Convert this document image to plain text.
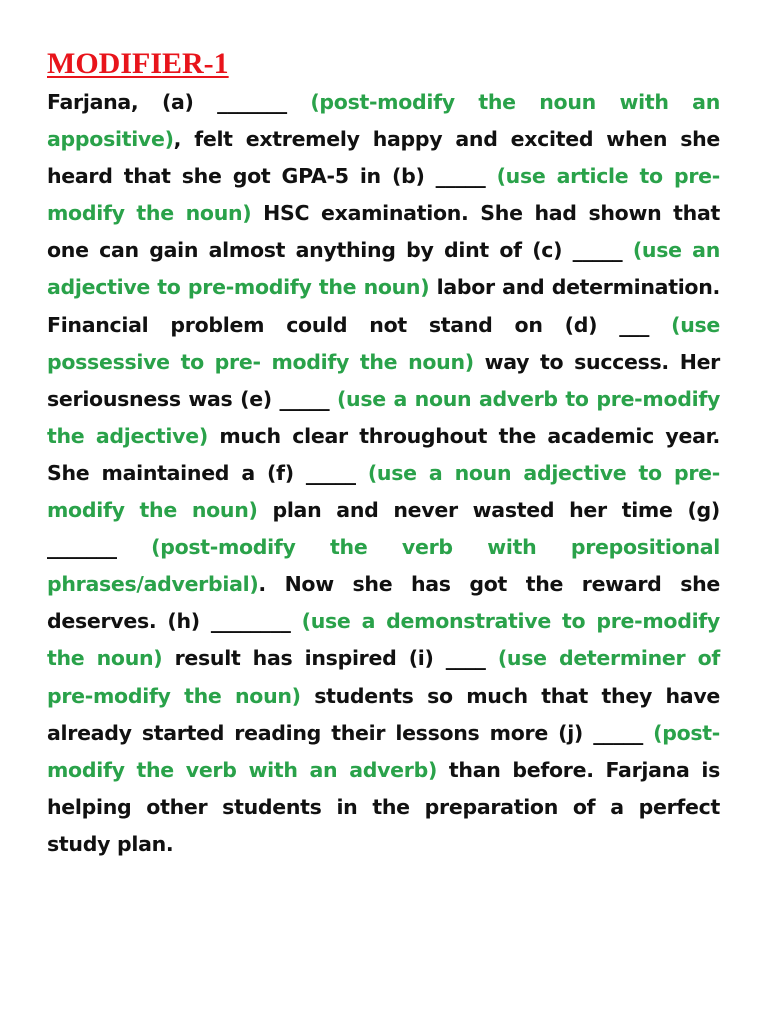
MODIFIER-1

Farjana, (a) _______ (post-modify the noun with an appositive), felt extremely happy and excited when she heard that she got GPA-5 in (b) _____ (use article to pre-modify the noun) HSC examination. She had shown that one can gain almost anything by dint of (c) _____ (use an adjective to pre-modify the noun) labor and determination. Financial problem could not stand on (d) ___ (use possessive to pre- modify the noun) way to success. Her seriousness was (e) _____ (use a noun adverb to pre-modify the adjective) much clear throughout the academic year. She maintained a (f) _____ (use a noun adjective to pre-modify the noun) plan and never wasted her time (g) _______ (post-modify the verb with prepositional phrases/adverbial). Now she has got the reward she deserves. (h) ________ (use a demonstrative to pre-modify the noun) result has inspired (i) ____ (use determiner of pre-modify the noun) students so much that they have already started reading their lessons more (j) _____ (post-modify the verb with an adverb) than before. Farjana is helping other students in the preparation of a perfect study plan.
